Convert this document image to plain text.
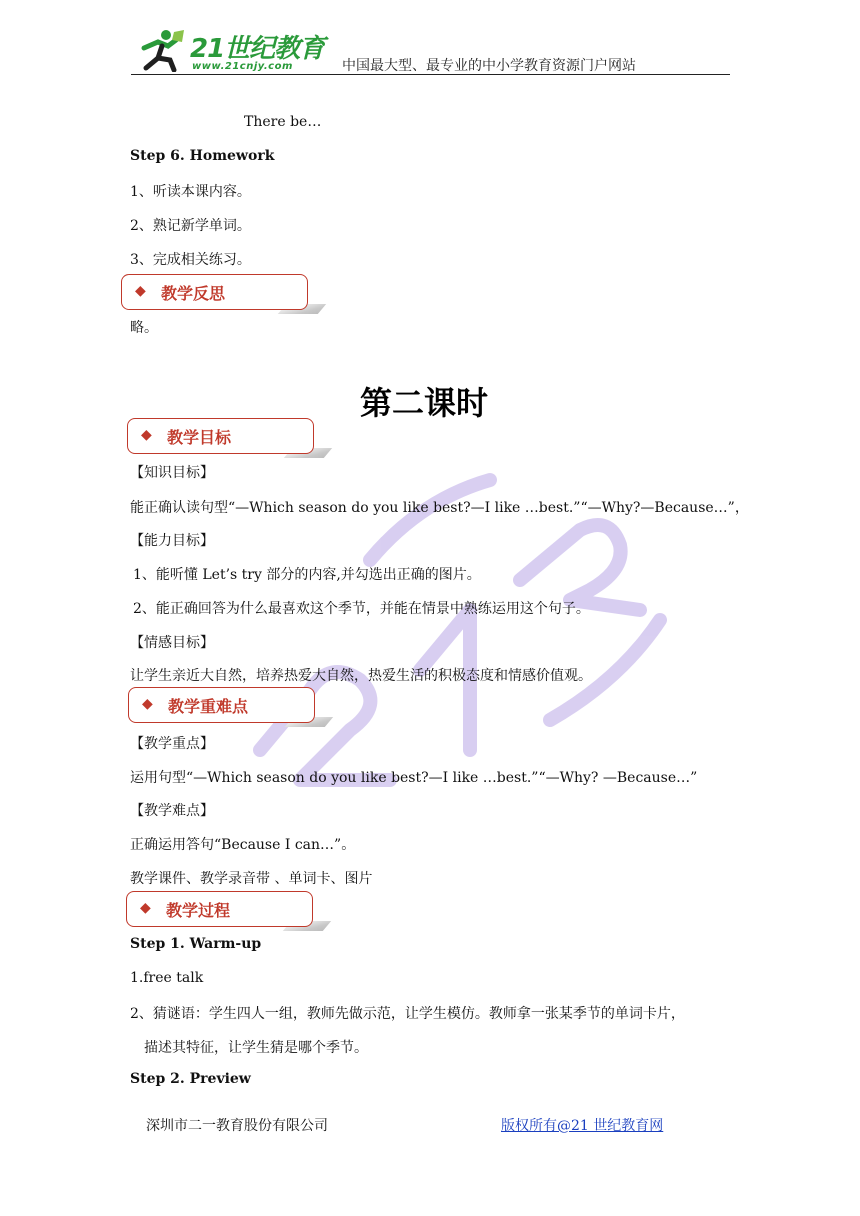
21世纪教育
www.21cnjy.com	中国最大型、最专业的中小学教育资源门户网站
There be…
Step 6. Homework
1、听读本课内容。
2、熟记新学单词。
3、完成相关练习。
◆ 教学反思
略。
第二课时
◆ 教学目标
【知识目标】
能正确认读句型“—Which season do you like best?—I like …best.”“—Why?—Because…”，
【能力目标】
1、能听懂 Let’s try 部分的内容,并勾选出正确的图片。
2、能正确回答为什么最喜欢这个季节，并能在情景中熟练运用这个句子。
【情感目标】
让学生亲近大自然，培养热爱大自然，热爱生活的积极态度和情感价值观。
◆ 教学重难点
【教学重点】
运用句型“—Which season do you like best?—I like …best.”“—Why? —Because…”
【教学难点】
正确运用答句“Because I can…”。
教学课件、教学录音带 、单词卡、图片
◆ 教学过程
Step 1. Warm-up
1.free talk
2、猜谜语：学生四人一组，教师先做示范，让学生模仿。教师拿一张某季节的单词卡片，
描述其特征，让学生猜是哪个季节。
Step 2. Preview
深圳市二一教育股份有限公司	版权所有@21 世纪教育网
